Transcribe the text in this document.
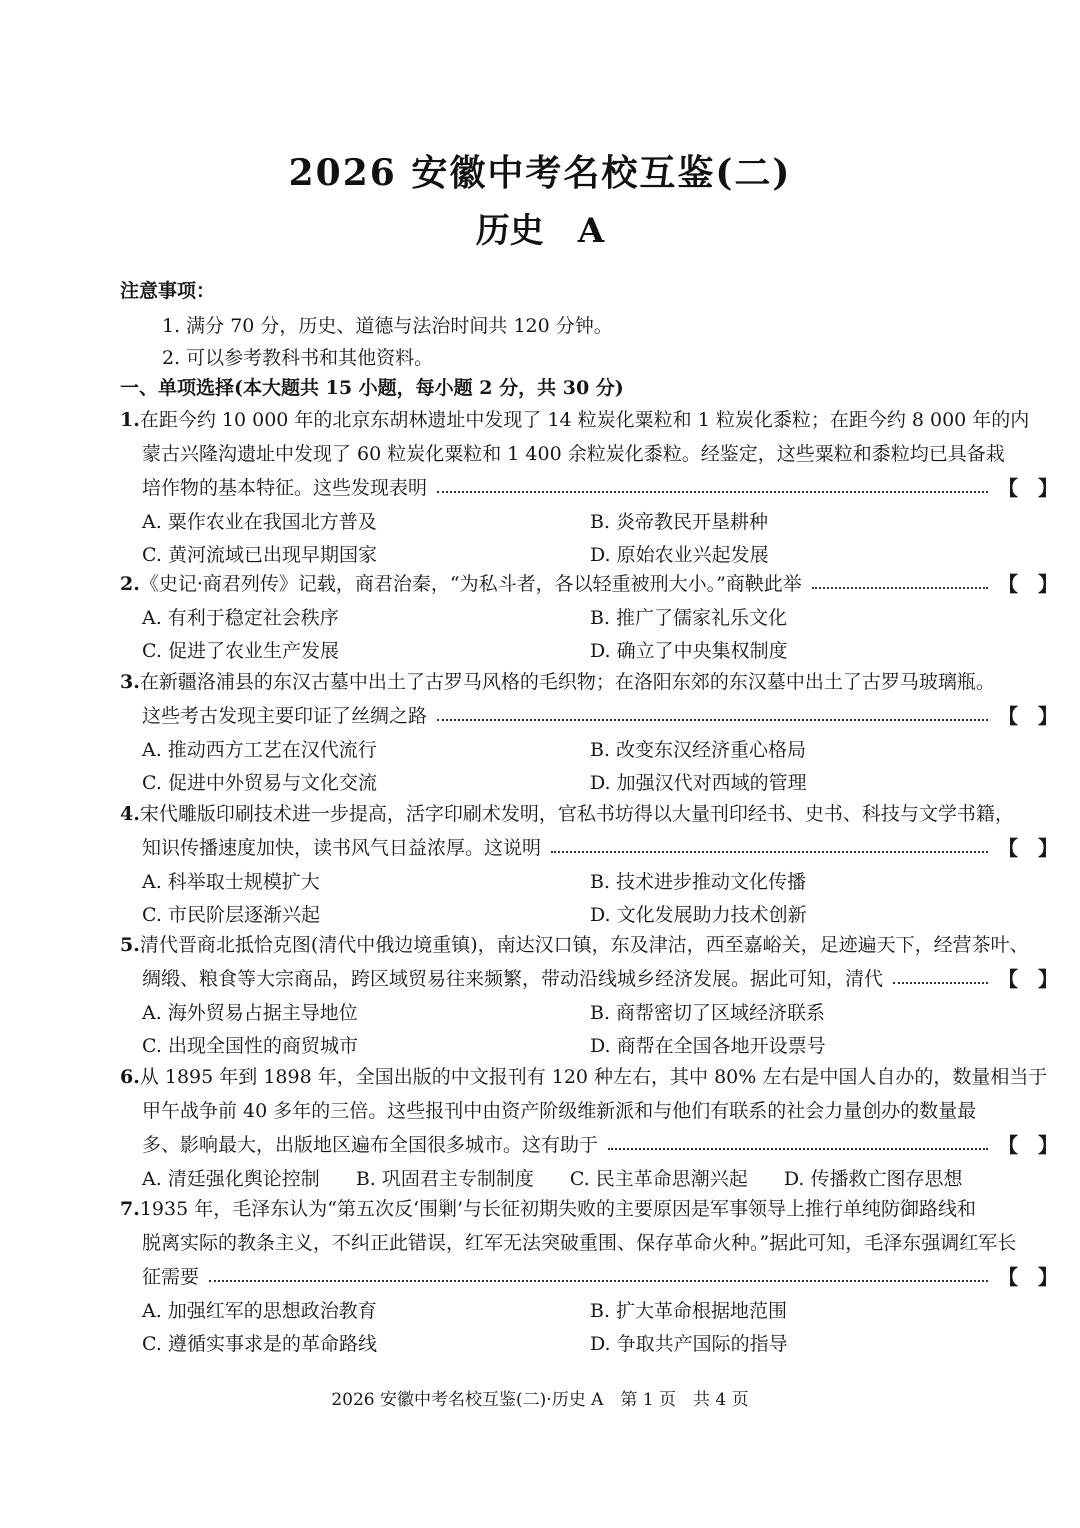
2026 安徽中考名校互鉴(二)
历史　A
注意事项：
1. 满分 70 分，历史、道德与法治时间共 120 分钟。
2. 可以参考教科书和其他资料。
一、单项选择(本大题共 15 小题，每小题 2 分，共 30 分)
1.在距今约 10 000 年的北京东胡林遗址中发现了 14 粒炭化粟粒和 1 粒炭化黍粒；在距今约 8 000 年的内
蒙古兴隆沟遗址中发现了 60 粒炭化粟粒和 1 400 余粒炭化黍粒。经鉴定，这些粟粒和黍粒均已具备栽
培作物的基本特征。这些发现表明	【 】
A. 粟作农业在我国北方普及	B. 炎帝教民开垦耕种
C. 黄河流域已出现早期国家	D. 原始农业兴起发展
2. 《史记·商君列传》记载，商君治秦，“为私斗者，各以轻重被刑大小。”商鞅此举	【 】
A. 有利于稳定社会秩序	B. 推广了儒家礼乐文化
C. 促进了农业生产发展	D. 确立了中央集权制度
3.在新疆洛浦县的东汉古墓中出土了古罗马风格的毛织物；在洛阳东郊的东汉墓中出土了古罗马玻璃瓶。
这些考古发现主要印证了丝绸之路	【 】
A. 推动西方工艺在汉代流行	B. 改变东汉经济重心格局
C. 促进中外贸易与文化交流	D. 加强汉代对西域的管理
4.宋代雕版印刷技术进一步提高，活字印刷术发明，官私书坊得以大量刊印经书、史书、科技与文学书籍，
知识传播速度加快，读书风气日益浓厚。这说明	【 】
A. 科举取士规模扩大	B. 技术进步推动文化传播
C. 市民阶层逐渐兴起	D. 文化发展助力技术创新
5.清代晋商北抵恰克图(清代中俄边境重镇)，南达汉口镇，东及津沽，西至嘉峪关，足迹遍天下，经营茶叶、
绸缎、粮食等大宗商品，跨区域贸易往来频繁，带动沿线城乡经济发展。据此可知，清代	【 】
A. 海外贸易占据主导地位	B. 商帮密切了区域经济联系
C. 出现全国性的商贸城市	D. 商帮在全国各地开设票号
6.从 1895 年到 1898 年，全国出版的中文报刊有 120 种左右，其中 80% 左右是中国人自办的，数量相当于
甲午战争前 40 多年的三倍。这些报刊中由资产阶级维新派和与他们有联系的社会力量创办的数量最
多、影响最大，出版地区遍布全国很多城市。这有助于	【 】
A. 清廷强化舆论控制 B. 巩固君主专制制度 C. 民主革命思潮兴起 D. 传播救亡图存思想
7.1935 年，毛泽东认为“第五次反‘围剿’与长征初期失败的主要原因是军事领导上推行单纯防御路线和
脱离实际的教条主义，不纠正此错误，红军无法突破重围、保存革命火种。”据此可知，毛泽东强调红军长
征需要	【 】
A. 加强红军的思想政治教育	B. 扩大革命根据地范围
C. 遵循实事求是的革命路线	D. 争取共产国际的指导
2026 安徽中考名校互鉴(二)·历史 A　第 1 页　共 4 页
